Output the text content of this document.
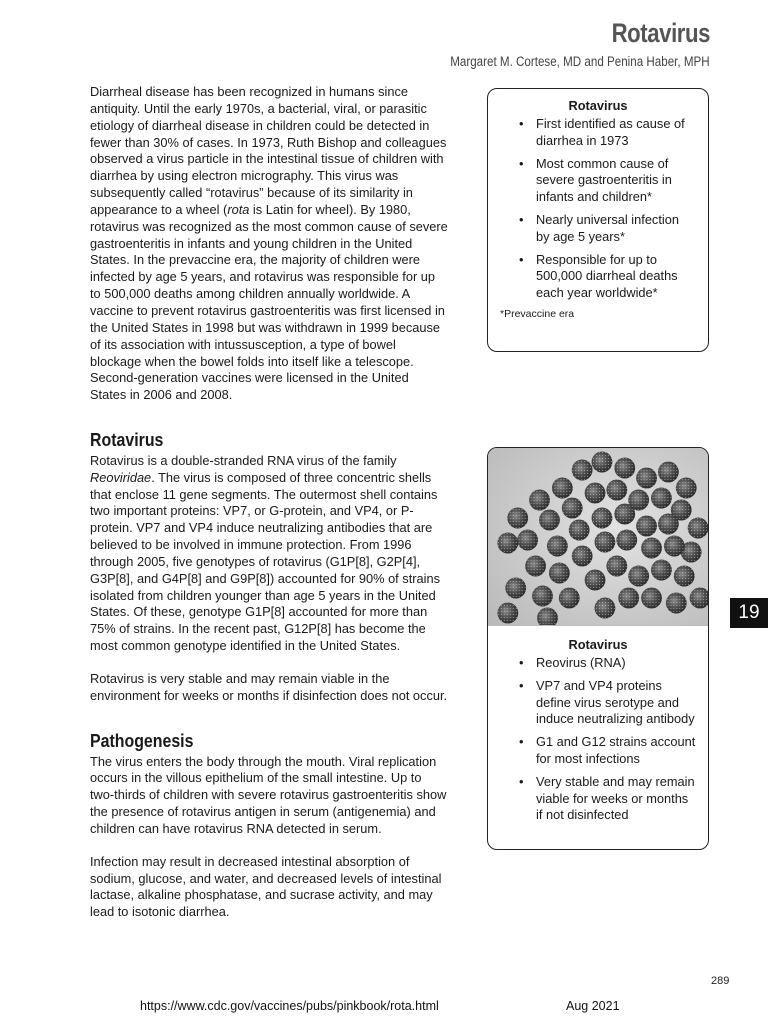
Rotavirus
Margaret M. Cortese, MD and Penina Haber, MPH

Diarrheal disease has been recognized in humans since antiquity. Until the early 1970s, a bacterial, viral, or parasitic etiology of diarrheal disease in children could be detected in fewer than 30% of cases. In 1973, Ruth Bishop and colleagues observed a virus particle in the intestinal tissue of children with diarrhea by using electron micrography. This virus was subsequently called “rotavirus” because of its similarity in appearance to a wheel (rota is Latin for wheel). By 1980, rotavirus was recognized as the most common cause of severe gastroenteritis in infants and young children in the United States. In the prevaccine era, the majority of children were infected by age 5 years, and rotavirus was responsible for up to 500,000 deaths among children annually worldwide. A vaccine to prevent rotavirus gastroenteritis was first licensed in the United States in 1998 but was withdrawn in 1999 because of its association with intussusception, a type of bowel blockage when the bowel folds into itself like a telescope. Second-generation vaccines were licensed in the United States in 2006 and 2008.

Rotavirus

Rotavirus is a double-stranded RNA virus of the family Reoviridae. The virus is composed of three concentric shells that enclose 11 gene segments. The outermost shell contains two important proteins: VP7, or G-protein, and VP4, or P-protein. VP7 and VP4 induce neutralizing antibodies that are believed to be involved in immune protection. From 1996 through 2005, five genotypes of rotavirus (G1P[8], G2P[4], G3P[8], and G4P[8] and G9P[8]) accounted for 90% of strains isolated from children younger than age 5 years in the United States. Of these, genotype G1P[8] accounted for more than 75% of strains. In the recent past, G12P[8] has become the most common genotype identified in the United States.

Rotavirus is very stable and may remain viable in the environment for weeks or months if disinfection does not occur.

Pathogenesis

The virus enters the body through the mouth. Viral replication occurs in the villous epithelium of the small intestine. Up to two-thirds of children with severe rotavirus gastroenteritis show the presence of rotavirus antigen in serum (antigenemia) and children can have rotavirus RNA detected in serum.

Infection may result in decreased intestinal absorption of sodium, glucose, and water, and decreased levels of intestinal lactase, alkaline phosphatase, and sucrase activity, and may lead to isotonic diarrhea.

Rotavirus
• First identified as cause of diarrhea in 1973
• Most common cause of severe gastroenteritis in infants and children*
• Nearly universal infection by age 5 years*
• Responsible for up to 500,000 diarrheal deaths each year worldwide*
*Prevaccine era
Rotavirus
• Reovirus (RNA)
• VP7 and VP4 proteins define virus serotype and induce neutralizing antibody
• G1 and G12 strains account for most infections
• Very stable and may remain viable for weeks or months if not disinfected
19
289
https://www.cdc.gov/vaccines/pubs/pinkbook/rota.html	Aug 2021
